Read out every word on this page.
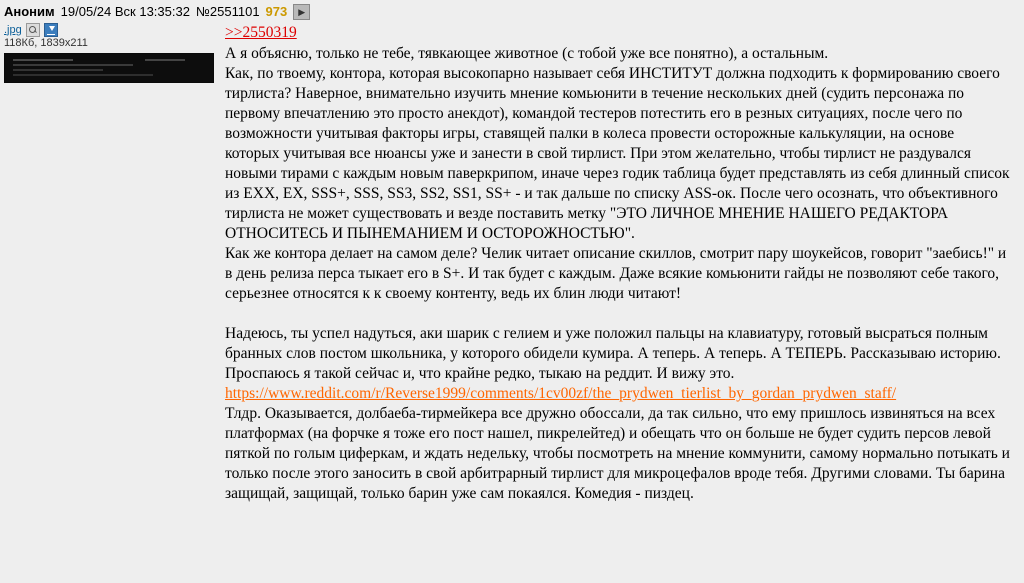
Аноним 19/05/24 Вск 13:35:32 №2551101 973	▶
.jpg
118Кб, 1839x211
>>2550319

А я объясню, только не тебе, тявкающее животное (с тобой уже все понятно), а остальным.

Как, по твоему, контора, которая высокопарно называет себя ИНСТИТУТ должна подходить к формированию своего тирлиста? Наверное, внимательно изучить мнение комьюнити в течение нескольких дней (судить персонажа по первому впечатлению это просто анекдот), командой тестеров потестить его в резных ситуациях, после чего по возможности учитывая факторы игры, ставящей палки в колеса провести осторожные калькуляции, на основе которых учитывая все нюансы уже и занести в свой тирлист. При этом желательно, чтобы тирлист не раздувался новыми тирами с каждым новым паверкрипом, иначе через годик таблица будет представлять из себя длинный список из EXX, EX, SSS+, SSS, SS3, SS2, SS1, SS+ - и так дальше по списку ASS-ок. После чего осознать, что объективного тирлиста не может существовать и везде поставить метку "ЭТО ЛИЧНОЕ МНЕНИЕ НАШЕГО РЕДАКТОРА ОТНОСИТЕСЬ И ПЫНЕМАНИЕМ И ОСТОРОЖНОСТЬЮ".

Как же контора делает на самом деле? Челик читает описание скиллов, смотрит пару шоукейсов, говорит "заебись!" и в день релиза перса тыкает его в S+. И так будет с каждым. Даже всякие комьюнити гайды не позволяют себе такого, серьезнее относятся к к своему контенту, ведь их блин люди читают!

Надеюсь, ты успел надуться, аки шарик с гелием и уже положил пальцы на клавиатуру, готовый высраться полным бранных слов постом школьника, у которого обидели кумира. А теперь. А теперь. А ТЕПЕРЬ. Рассказываю историю. Проспаюсь я такой сейчас и, что крайне редко, тыкаю на реддит. И вижу это.

https://www.reddit.com/r/Reverse1999/comments/1cv00zf/the_prydwen_tierlist_by_gordan_prydwen_staff/

Тлдр. Оказывается, долбаеба-тирмейкера все дружно обоссали, да так сильно, что ему пришлось извиняться на всех платформах (на форчке я тоже его пост нашел, пикрелейтед) и обещать что он больше не будет судить персов левой пяткой по голым циферкам, и ждать недельку, чтобы посмотреть на мнение коммунити, самому нормально потыкать и только после этого заносить в свой арбитрарный тирлист для микроцефалов вроде тебя. Другими словами. Ты барина защищай, защищай, только барин уже сам покаялся. Комедия - пиздец.
